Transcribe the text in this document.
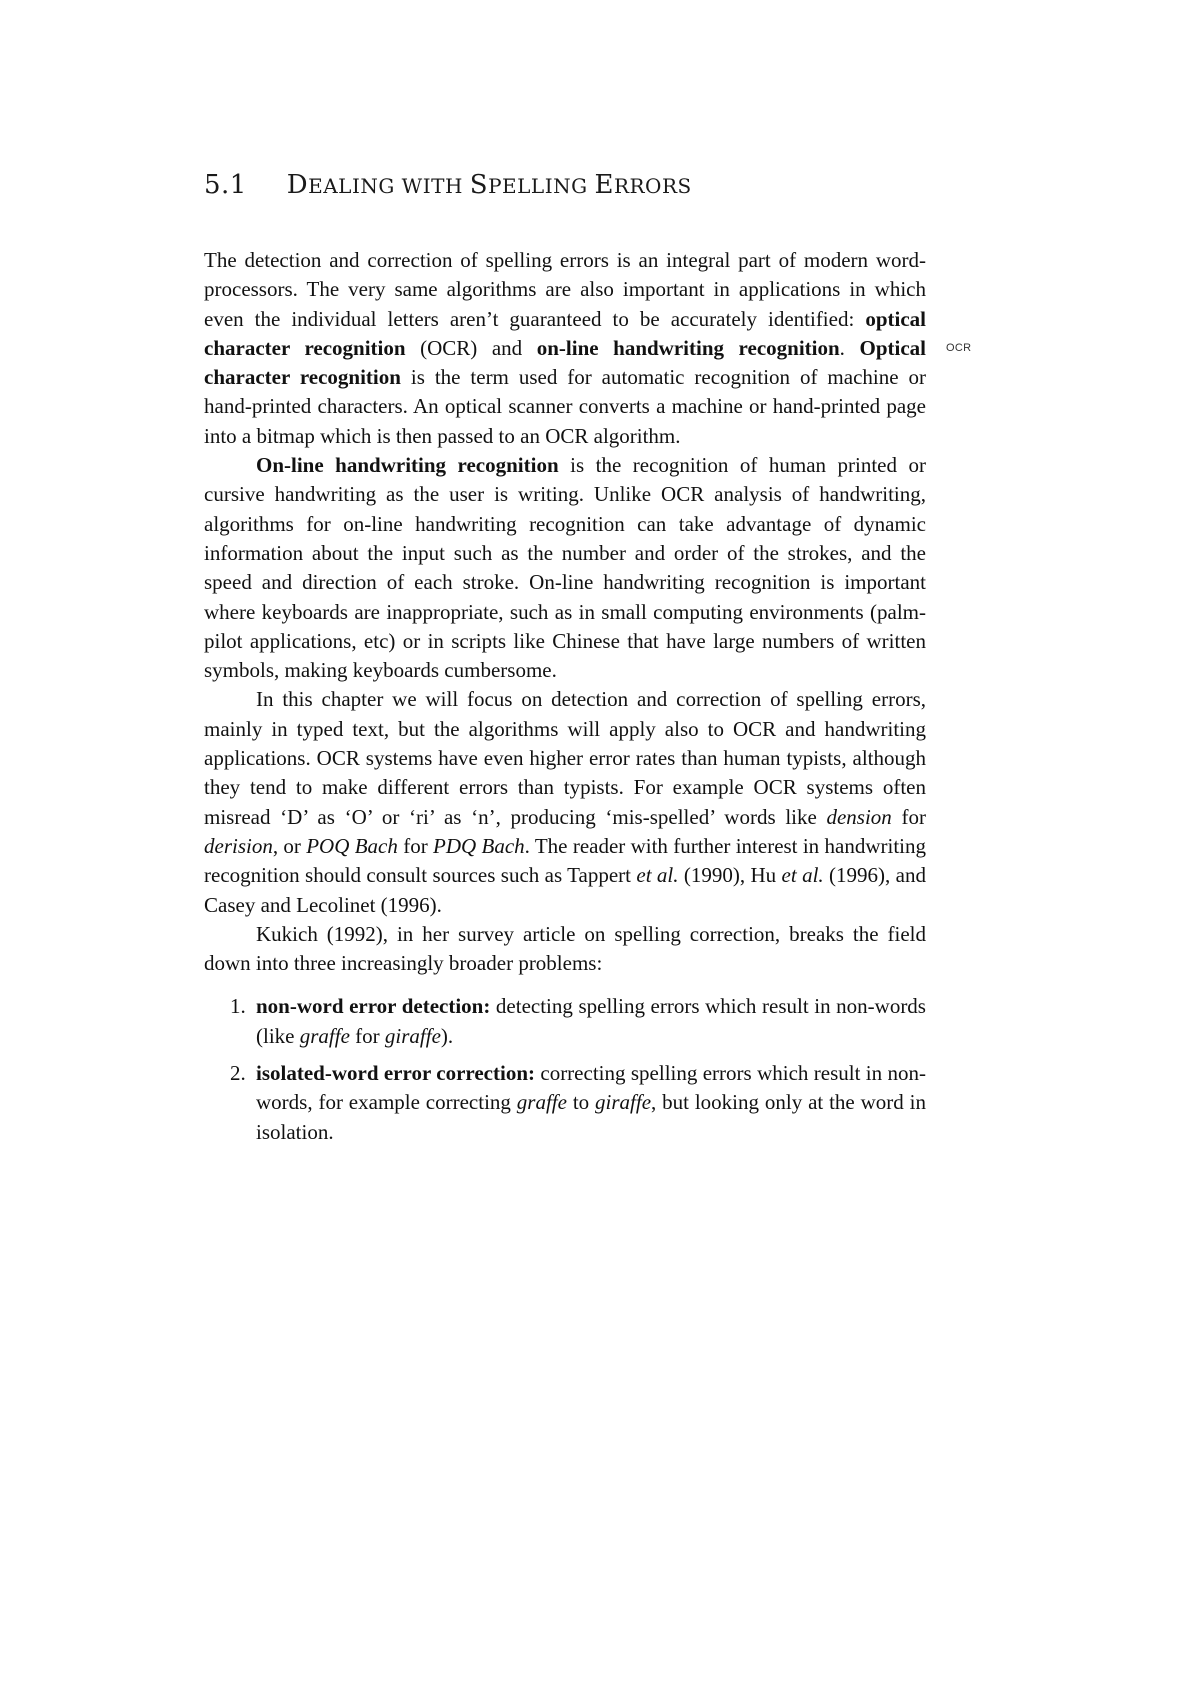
5.1 DEALING WITH SPELLING ERRORS
OCR

The detection and correction of spelling errors is an integral part of modern word-processors. The very same algorithms are also important in applications in which even the individual letters aren’t guaranteed to be accurately identified: optical character recognition (OCR) and on-line handwriting recognition. Optical character recognition is the term used for automatic recognition of machine or hand-printed characters. An optical scanner converts a machine or hand-printed page into a bitmap which is then passed to an OCR algorithm.

On-line handwriting recognition is the recognition of human printed or cursive handwriting as the user is writing. Unlike OCR analysis of handwriting, algorithms for on-line handwriting recognition can take advantage of dynamic information about the input such as the number and order of the strokes, and the speed and direction of each stroke. On-line handwriting recognition is important where keyboards are inappropriate, such as in small computing environments (palm-pilot applications, etc) or in scripts like Chinese that have large numbers of written symbols, making keyboards cumbersome.

In this chapter we will focus on detection and correction of spelling errors, mainly in typed text, but the algorithms will apply also to OCR and handwriting applications. OCR systems have even higher error rates than human typists, although they tend to make different errors than typists. For example OCR systems often misread ‘D’ as ‘O’ or ‘ri’ as ‘n’, producing ‘mis-spelled’ words like dension for derision, or POQ Bach for PDQ Bach. The reader with further interest in handwriting recognition should consult sources such as Tappert et al. (1990), Hu et al. (1996), and Casey and Lecolinet (1996).

Kukich (1992), in her survey article on spelling correction, breaks the field down into three increasingly broader problems:

1. non-word error detection: detecting spelling errors which result in non-words (like graffe for giraffe).
2. isolated-word error correction: correcting spelling errors which result in non-words, for example correcting graffe to giraffe, but looking only at the word in isolation.
